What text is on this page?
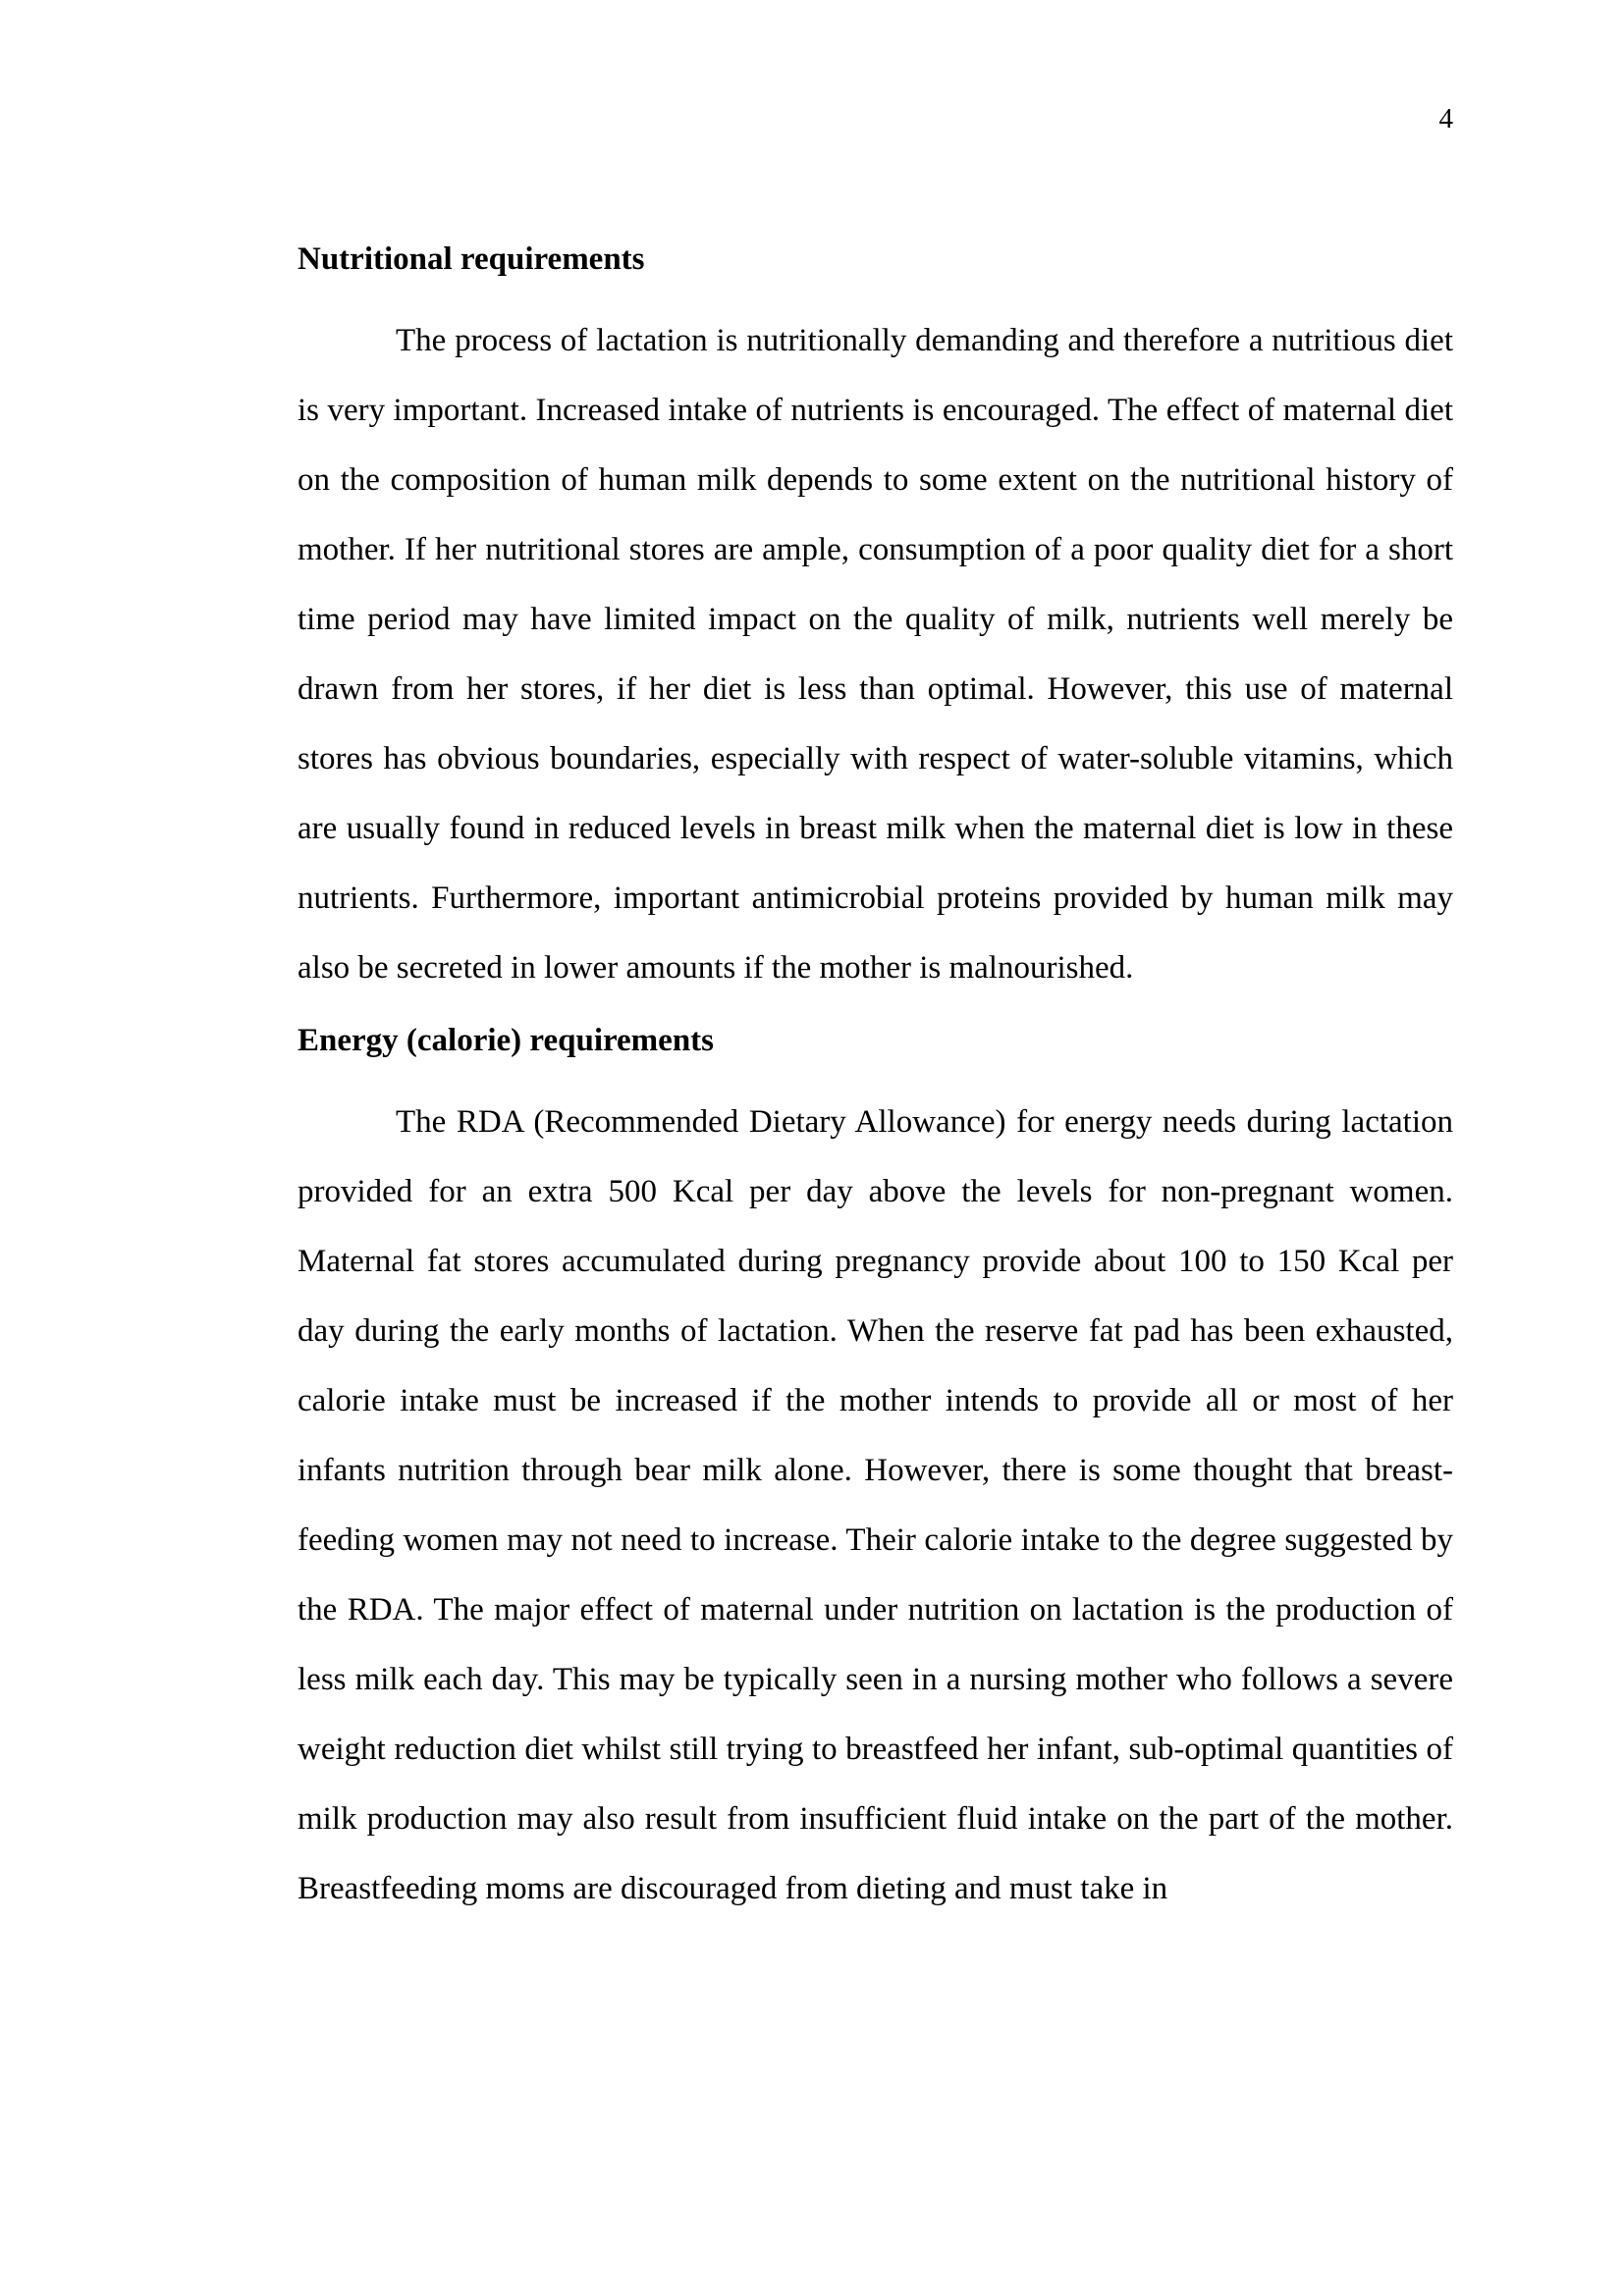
4
Nutritional requirements

The process of lactation is nutritionally demanding and therefore a nutritious diet is very important. Increased intake of nutrients is encouraged. The effect of maternal diet on the composition of human milk depends to some extent on the nutritional history of mother. If her nutritional stores are ample, consumption of a poor quality diet for a short time period may have limited impact on the quality of milk, nutrients well merely be drawn from her stores, if her diet is less than optimal. However, this use of maternal stores has obvious boundaries, especially with respect of water-soluble vitamins, which are usually found in reduced levels in breast milk when the maternal diet is low in these nutrients. Furthermore, important antimicrobial proteins provided by human milk may also be secreted in lower amounts if the mother is malnourished.

Energy (calorie) requirements

The RDA (Recommended Dietary Allowance) for energy needs during lactation provided for an extra 500 Kcal per day above the levels for non-pregnant women. Maternal fat stores accumulated during pregnancy provide about 100 to 150 Kcal per day during the early months of lactation. When the reserve fat pad has been exhausted, calorie intake must be increased if the mother intends to provide all or most of her infants nutrition through bear milk alone. However, there is some thought that breast-feeding women may not need to increase. Their calorie intake to the degree suggested by the RDA. The major effect of maternal under nutrition on lactation is the production of less milk each day. This may be typically seen in a nursing mother who follows a severe weight reduction diet whilst still trying to breastfeed her infant, sub-optimal quantities of milk production may also result from insufficient fluid intake on the part of the mother. Breastfeeding moms are discouraged from dieting and must take in
